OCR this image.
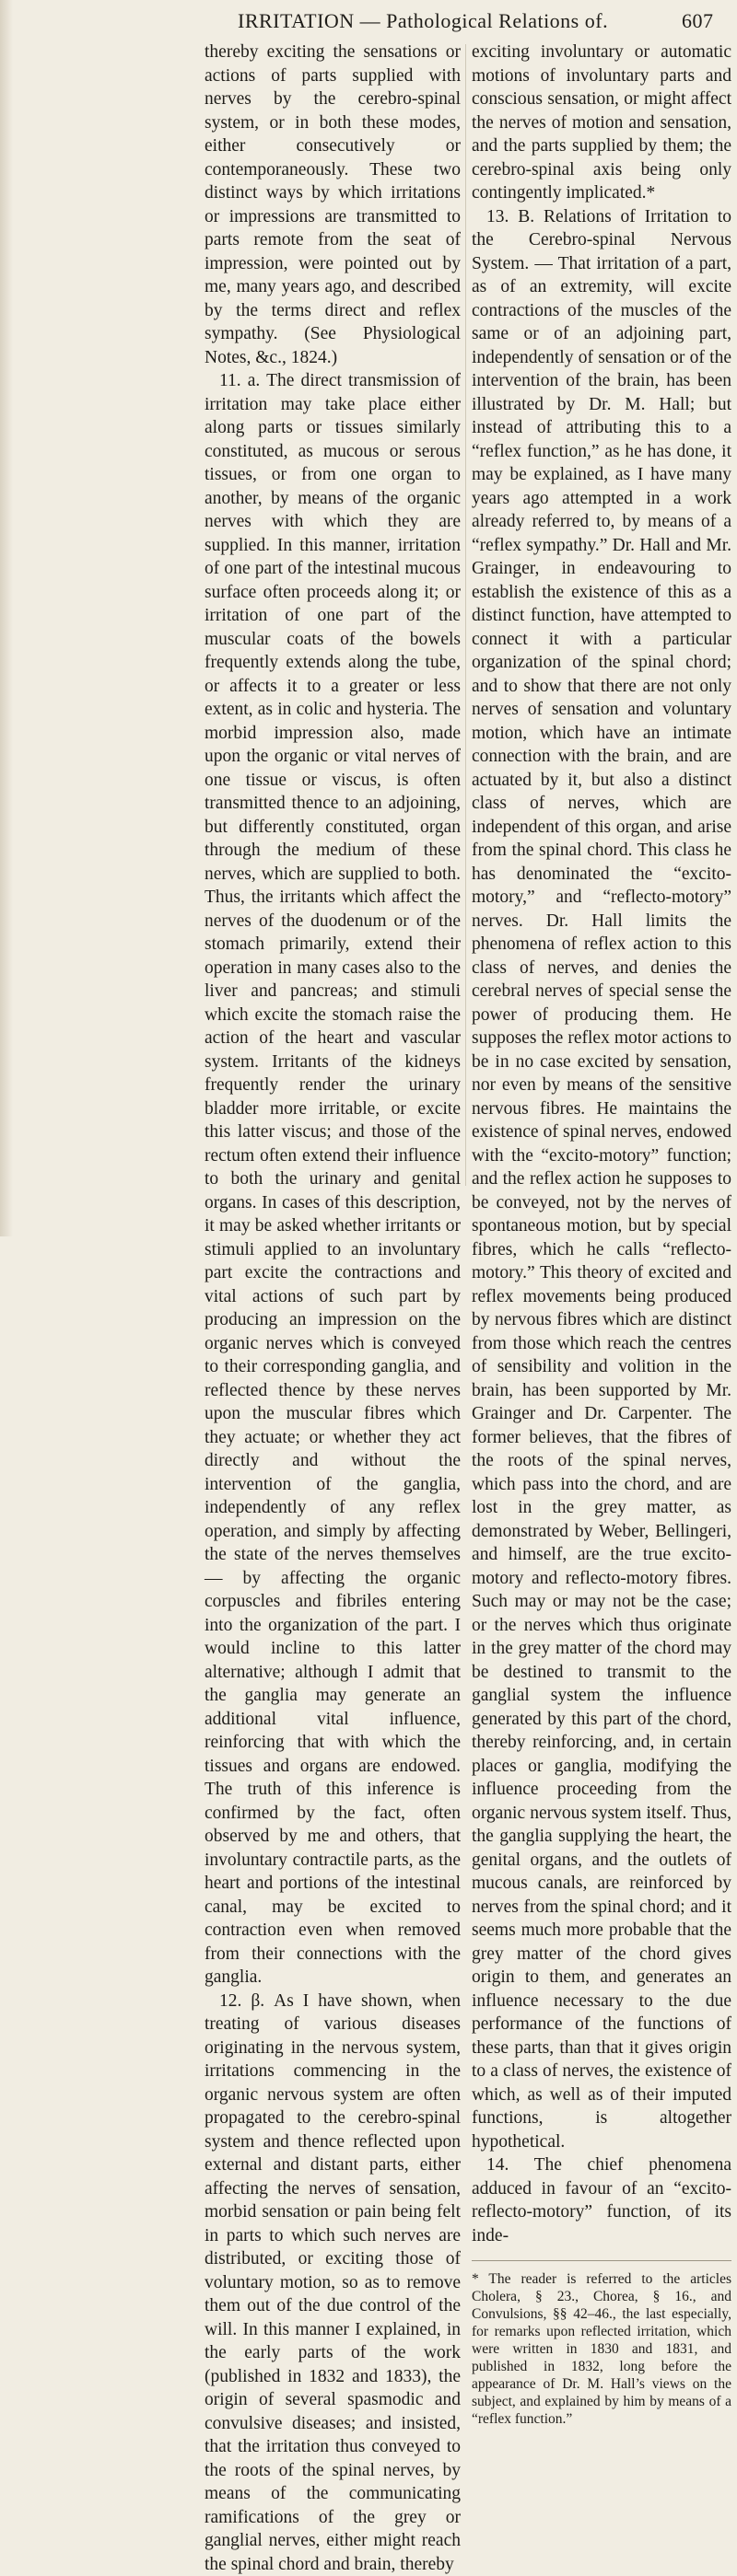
IRRITATION — Pathological Relations of.	607

thereby exciting the sensations or actions of parts supplied with nerves by the cerebro-spinal system, or in both these modes, either consecutively or contemporaneously. These two distinct ways by which irritations or impressions are transmitted to parts remote from the seat of impression, were pointed out by me, many years ago, and described by the terms direct and reflex sympathy. (See Physiological Notes, &c., 1824.)

11. a. The direct transmission of irritation may take place either along parts or tissues similarly constituted, as mucous or serous tissues, or from one organ to another, by means of the organic nerves with which they are supplied. In this manner, irritation of one part of the intestinal mucous surface often proceeds along it; or irritation of one part of the muscular coats of the bowels frequently extends along the tube, or affects it to a greater or less extent, as in colic and hysteria. The morbid impression also, made upon the organic or vital nerves of one tissue or viscus, is often transmitted thence to an adjoining, but differently constituted, organ through the medium of these nerves, which are supplied to both. Thus, the irritants which affect the nerves of the duodenum or of the stomach primarily, extend their operation in many cases also to the liver and pancreas; and stimuli which excite the stomach raise the action of the heart and vascular system. Irritants of the kidneys frequently render the urinary bladder more irritable, or excite this latter viscus; and those of the rectum often extend their influence to both the urinary and genital organs. In cases of this description, it may be asked whether irritants or stimuli applied to an involuntary part excite the contractions and vital actions of such part by producing an impression on the organic nerves which is conveyed to their corresponding ganglia, and reflected thence by these nerves upon the muscular fibres which they actuate; or whether they act directly and without the intervention of the ganglia, independently of any reflex operation, and simply by affecting the state of the nerves themselves — by affecting the organic corpuscles and fibriles entering into the organization of the part. I would incline to this latter alternative; although I admit that the ganglia may generate an additional vital influence, reinforcing that with which the tissues and organs are endowed. The truth of this inference is confirmed by the fact, often observed by me and others, that involuntary contractile parts, as the heart and portions of the intestinal canal, may be excited to contraction even when removed from their connections with the ganglia.

12. β. As I have shown, when treating of various diseases originating in the nervous system, irritations commencing in the organic nervous system are often propagated to the cerebro-spinal system and thence reflected upon external and distant parts, either affecting the nerves of sensation, morbid sensation or pain being felt in parts to which such nerves are distributed, or exciting those of voluntary motion, so as to remove them out of the due control of the will. In this manner I explained, in the early parts of the work (published in 1832 and 1833), the origin of several spasmodic and convulsive diseases; and insisted, that the irritation thus conveyed to the roots of the spinal nerves, by means of the communicating ramifications of the grey or ganglial nerves, either might reach the spinal chord and brain, thereby

exciting involuntary or automatic motions of involuntary parts and conscious sensation, or might affect the nerves of motion and sensation, and the parts supplied by them; the cerebro-spinal axis being only contingently implicated.*

13. B. Relations of Irritation to the Cerebro-spinal Nervous System. — That irritation of a part, as of an extremity, will excite contractions of the muscles of the same or of an adjoining part, independently of sensation or of the intervention of the brain, has been illustrated by Dr. M. Hall; but instead of attributing this to a “reflex function,” as he has done, it may be explained, as I have many years ago attempted in a work already referred to, by means of a “reflex sympathy.” Dr. Hall and Mr. Grainger, in endeavouring to establish the existence of this as a distinct function, have attempted to connect it with a particular organization of the spinal chord; and to show that there are not only nerves of sensation and voluntary motion, which have an intimate connection with the brain, and are actuated by it, but also a distinct class of nerves, which are independent of this organ, and arise from the spinal chord. This class he has denominated the “excito-motory,” and “reflecto-motory” nerves. Dr. Hall limits the phenomena of reflex action to this class of nerves, and denies the cerebral nerves of special sense the power of producing them. He supposes the reflex motor actions to be in no case excited by sensation, nor even by means of the sensitive nervous fibres. He maintains the existence of spinal nerves, endowed with the “excito-motory” function; and the reflex action he supposes to be conveyed, not by the nerves of spontaneous motion, but by special fibres, which he calls “reflecto-motory.” This theory of excited and reflex movements being produced by nervous fibres which are distinct from those which reach the centres of sensibility and volition in the brain, has been supported by Mr. Grainger and Dr. Carpenter. The former believes, that the fibres of the roots of the spinal nerves, which pass into the chord, and are lost in the grey matter, as demonstrated by Weber, Bellingeri, and himself, are the true excito-motory and reflecto-motory fibres. Such may or may not be the case; or the nerves which thus originate in the grey matter of the chord may be destined to transmit to the ganglial system the influence generated by this part of the chord, thereby reinforcing, and, in certain places or ganglia, modifying the influence proceeding from the organic nervous system itself. Thus, the ganglia supplying the heart, the genital organs, and the outlets of mucous canals, are reinforced by nerves from the spinal chord; and it seems much more probable that the grey matter of the chord gives origin to them, and generates an influence necessary to the due performance of the functions of these parts, than that it gives origin to a class of nerves, the existence of which, as well as of their imputed functions, is altogether hypothetical.

14. The chief phenomena adduced in favour of an “excito-reflecto-motory” function, of its inde-

* The reader is referred to the articles Cholera, § 23., Chorea, § 16., and Convulsions, §§ 42–46., the last especially, for remarks upon reflected irritation, which were written in 1830 and 1831, and published in 1832, long before the appearance of Dr. M. Hall’s views on the subject, and explained by him by means of a “reflex function.”
